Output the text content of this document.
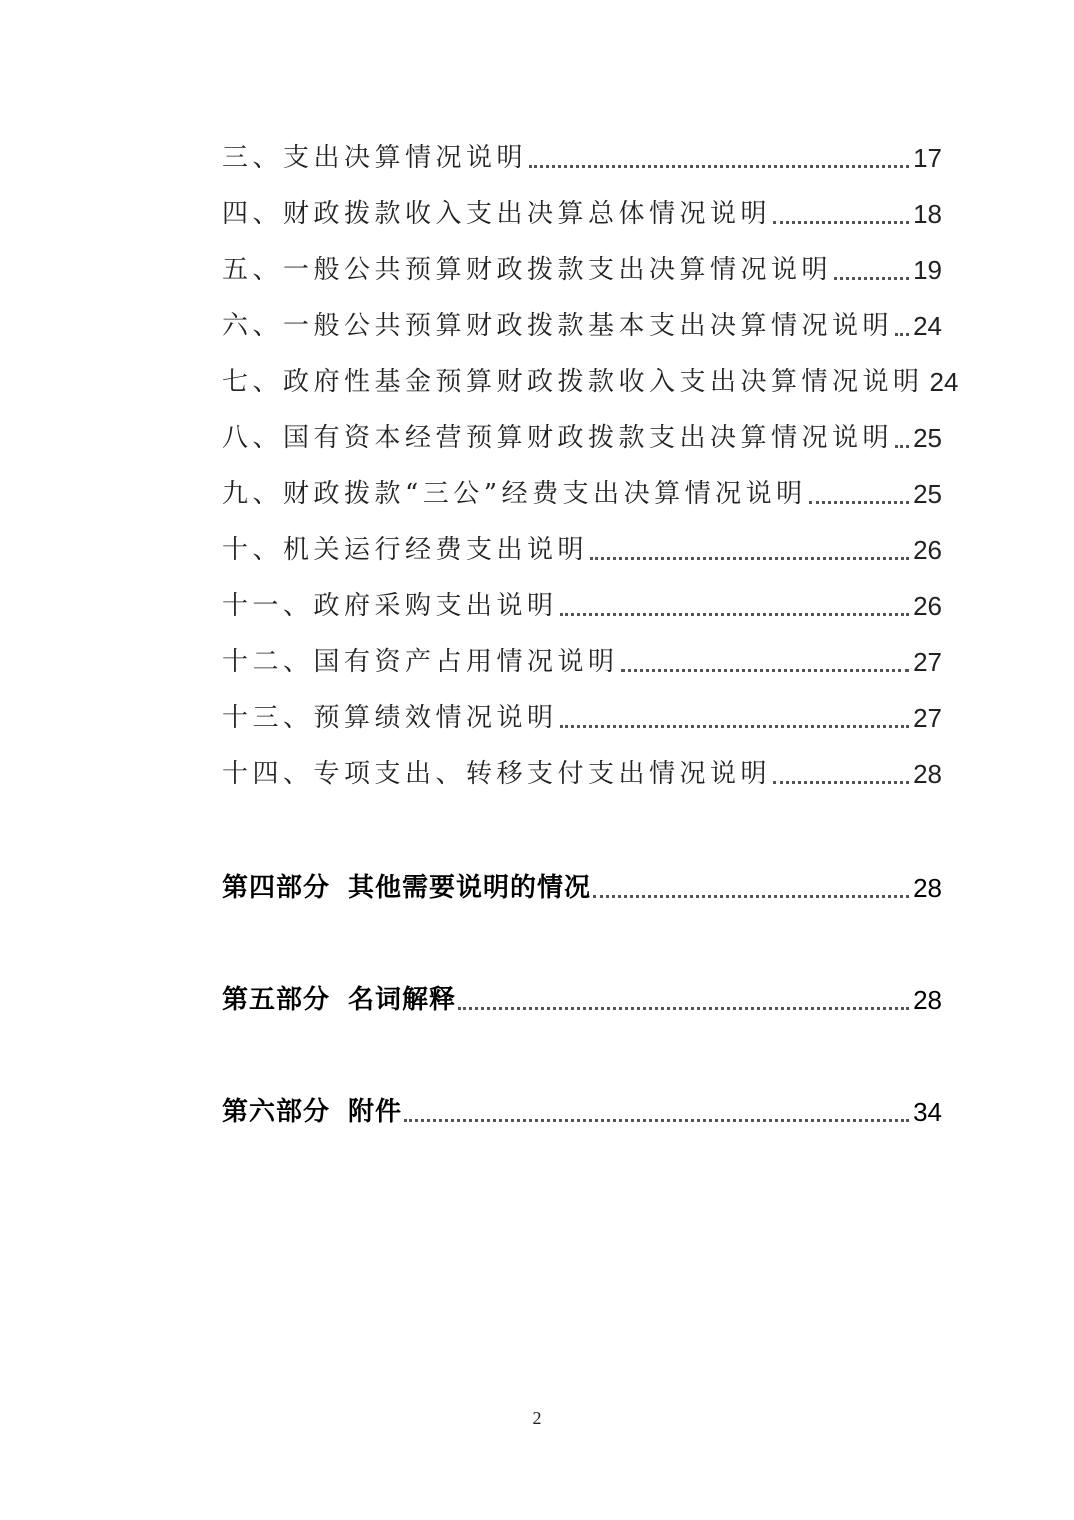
三、支出决算情况说明	17
四、财政拨款收入支出决算总体情况说明	18
五、一般公共预算财政拨款支出决算情况说明	19
六、一般公共预算财政拨款基本支出决算情况说明 24
七、政府性基金预算财政拨款收入支出决算情况说明 24
八、国有资本经营预算财政拨款支出决算情况说明 25
九、财政拨款“三公”经费支出决算情况说明	25
十、机关运行经费支出说明	26
十一、政府采购支出说明	26
十二、国有资产占用情况说明	27
十三、预算绩效情况说明	27
十四、专项支出、转移支付支出情况说明	28
第四部分 其他需要说明的情况	28
第五部分 名词解释	28
第六部分 附件	34
2
